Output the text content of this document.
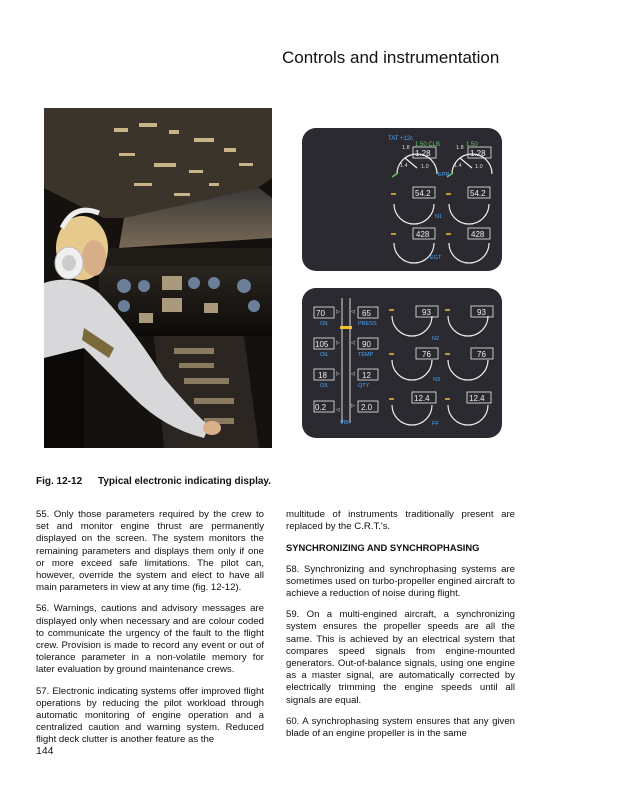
Controls and instrumentation
TAT +12c
1.50 CLB	1.50
1.8
1.4 1.0
1.8
1.4 1.0
1.28	1.28
EPR
54.2	54.2
N1
428	428
EGT
▷ ◁
▷ ◁
▷ ◁
◁
▷
70	65
OIL	PRESS
105	90
OIL	TEMP
18	12
OIL	QTY
0.2	2.0
VIB
93	93
N2
76	76
N3
12.4	12.4
FF
Fig. 12-12 Typical electronic indicating display.

55. Only those parameters required by the crew to set and monitor engine thrust are permanently displayed on the screen. The system monitors the remaining parameters and displays them only if one or more exceed safe limitations. The pilot can, however, override the system and elect to have all main parameters in view at any time (fig. 12-12).

56. Warnings, cautions and advisory messages are displayed only when necessary and are colour coded to communicate the urgency of the fault to the flight crew. Provision is made to record any event or out of tolerance parameter in a non-volatile memory for later evaluation by ground maintenance crews.

57. Electronic indicating systems offer improved flight operations by reducing the pilot workload through automatic monitoring of engine operation and a centralized caution and warning system. Reduced flight deck clutter is another feature as the

multitude of instruments traditionally present are replaced by the C.R.T.'s.

SYNCHRONIZING AND SYNCHROPHASING

58. Synchronizing and synchrophasing systems are sometimes used on turbo-propeller engined aircraft to achieve a reduction of noise during flight.

59. On a multi-engined aircraft, a synchronizing system ensures the propeller speeds are all the same. This is achieved by an electrical system that compares speed signals from engine-mounted generators. Out-of-balance signals, using one engine as a master signal, are automatically corrected by electrically trimming the engine speeds until all signals are equal.

60. A synchrophasing system ensures that any given blade of an engine propeller is in the same

144
